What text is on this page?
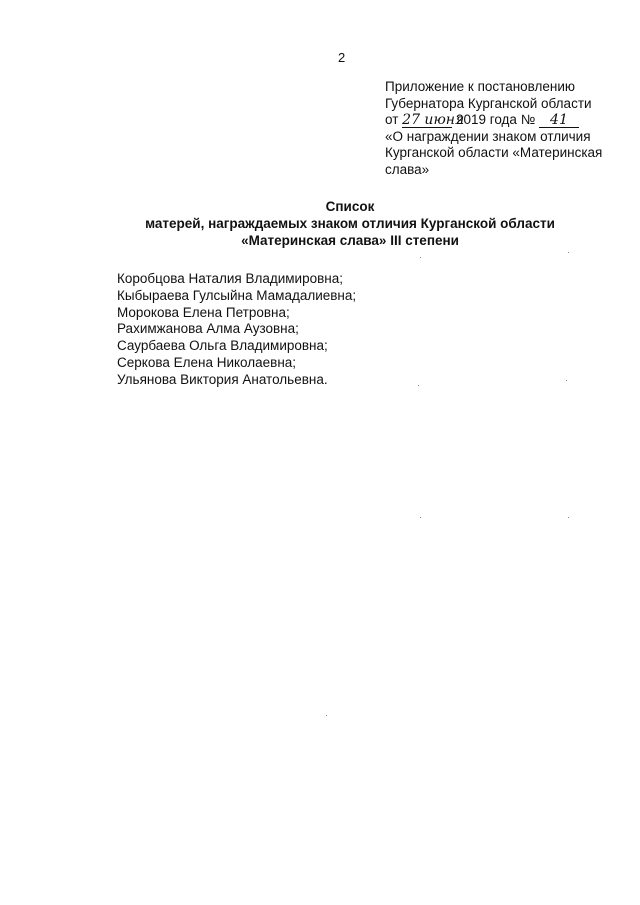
2
Приложение к постановлению
Губернатора Курганской области
от 27 июня 2019 года № 41
«О награждении знаком отличия
Курганской области «Материнская
слава»
Список
матерей, награждаемых знаком отличия Курганской области
«Материнская слава» III степени
Коробцова Наталия Владимировна;
Кыбыраева Гулсыйна Мамадалиевна;
Морокова Елена Петровна;
Рахимжанова Алма Аузовна;
Саурбаева Ольга Владимировна;
Серкова Елена Николаевна;
Ульянова Виктория Анатольевна.
